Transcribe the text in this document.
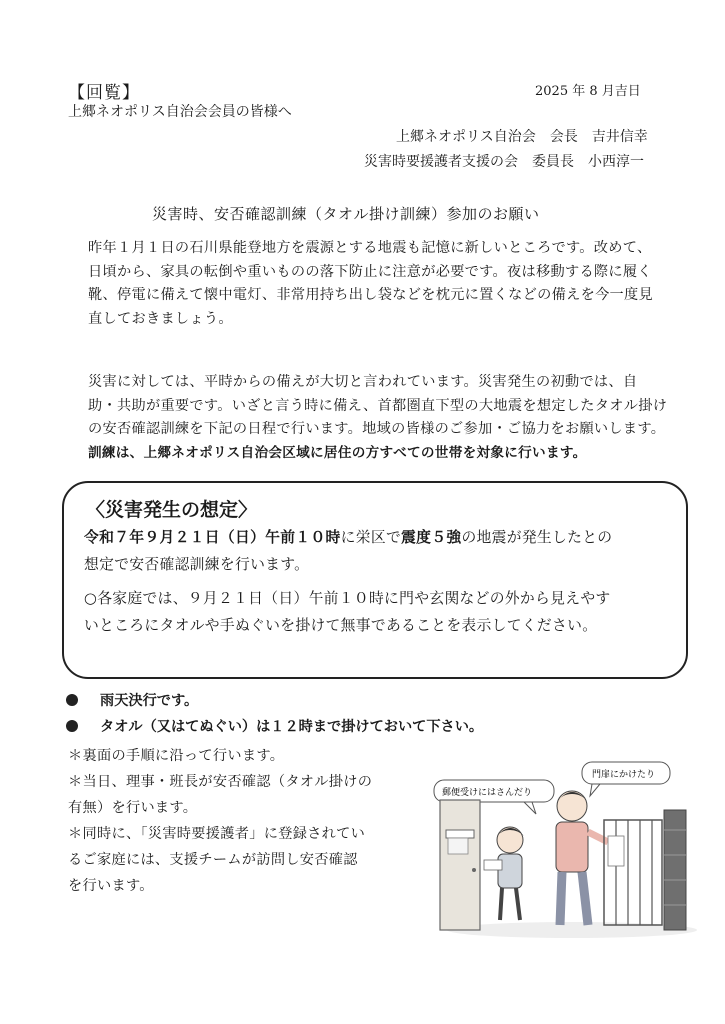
【回覧】	2025 年 8 月吉日
上郷ネオポリス自治会会員の皆様へ
上郷ネオポリス自治会　会長　吉井信幸
災害時要援護者支援の会　委員長　小西淳一
災害時、安否確認訓練（タオル掛け訓練）参加のお願い
昨年１月１日の石川県能登地方を震源とする地震も記憶に新しいところです。改めて、
日頃から、家具の転倒や重いものの落下防止に注意が必要です。夜は移動する際に履く
靴、停電に備えて懐中電灯、非常用持ち出し袋などを枕元に置くなどの備えを今一度見
直しておきましょう。
災害に対しては、平時からの備えが大切と言われています。災害発生の初動では、自
助・共助が重要です。いざと言う時に備え、首都圏直下型の大地震を想定したタオル掛け
の安否確認訓練を下記の日程で行います。地域の皆様のご参加・ご協力をお願いします。
訓練は、上郷ネオポリス自治会区域に居住の方すべての世帯を対象に行います。
〈災害発生の想定〉
令和７年９月２１日（日）午前１０時に栄区で震度５強の地震が発生したとの
想定で安否確認訓練を行います。
○各家庭では、９月２１日（日）午前１０時に門や玄関などの外から見えやす
いところにタオルや手ぬぐいを掛けて無事であることを表示してください。
雨天決行です。
タオル（又はてぬぐい）は１２時まで掛けておいて下さい。
＊裏面の手順に沿って行います。
＊当日、理事・班長が安否確認（タオル掛けの
有無）を行います。
＊同時に、「災害時要援護者」に登録されてい
るご家庭には、支援チームが訪問し安否確認
を行います。
郵便受けにはさんだり
門扉にかけたり
